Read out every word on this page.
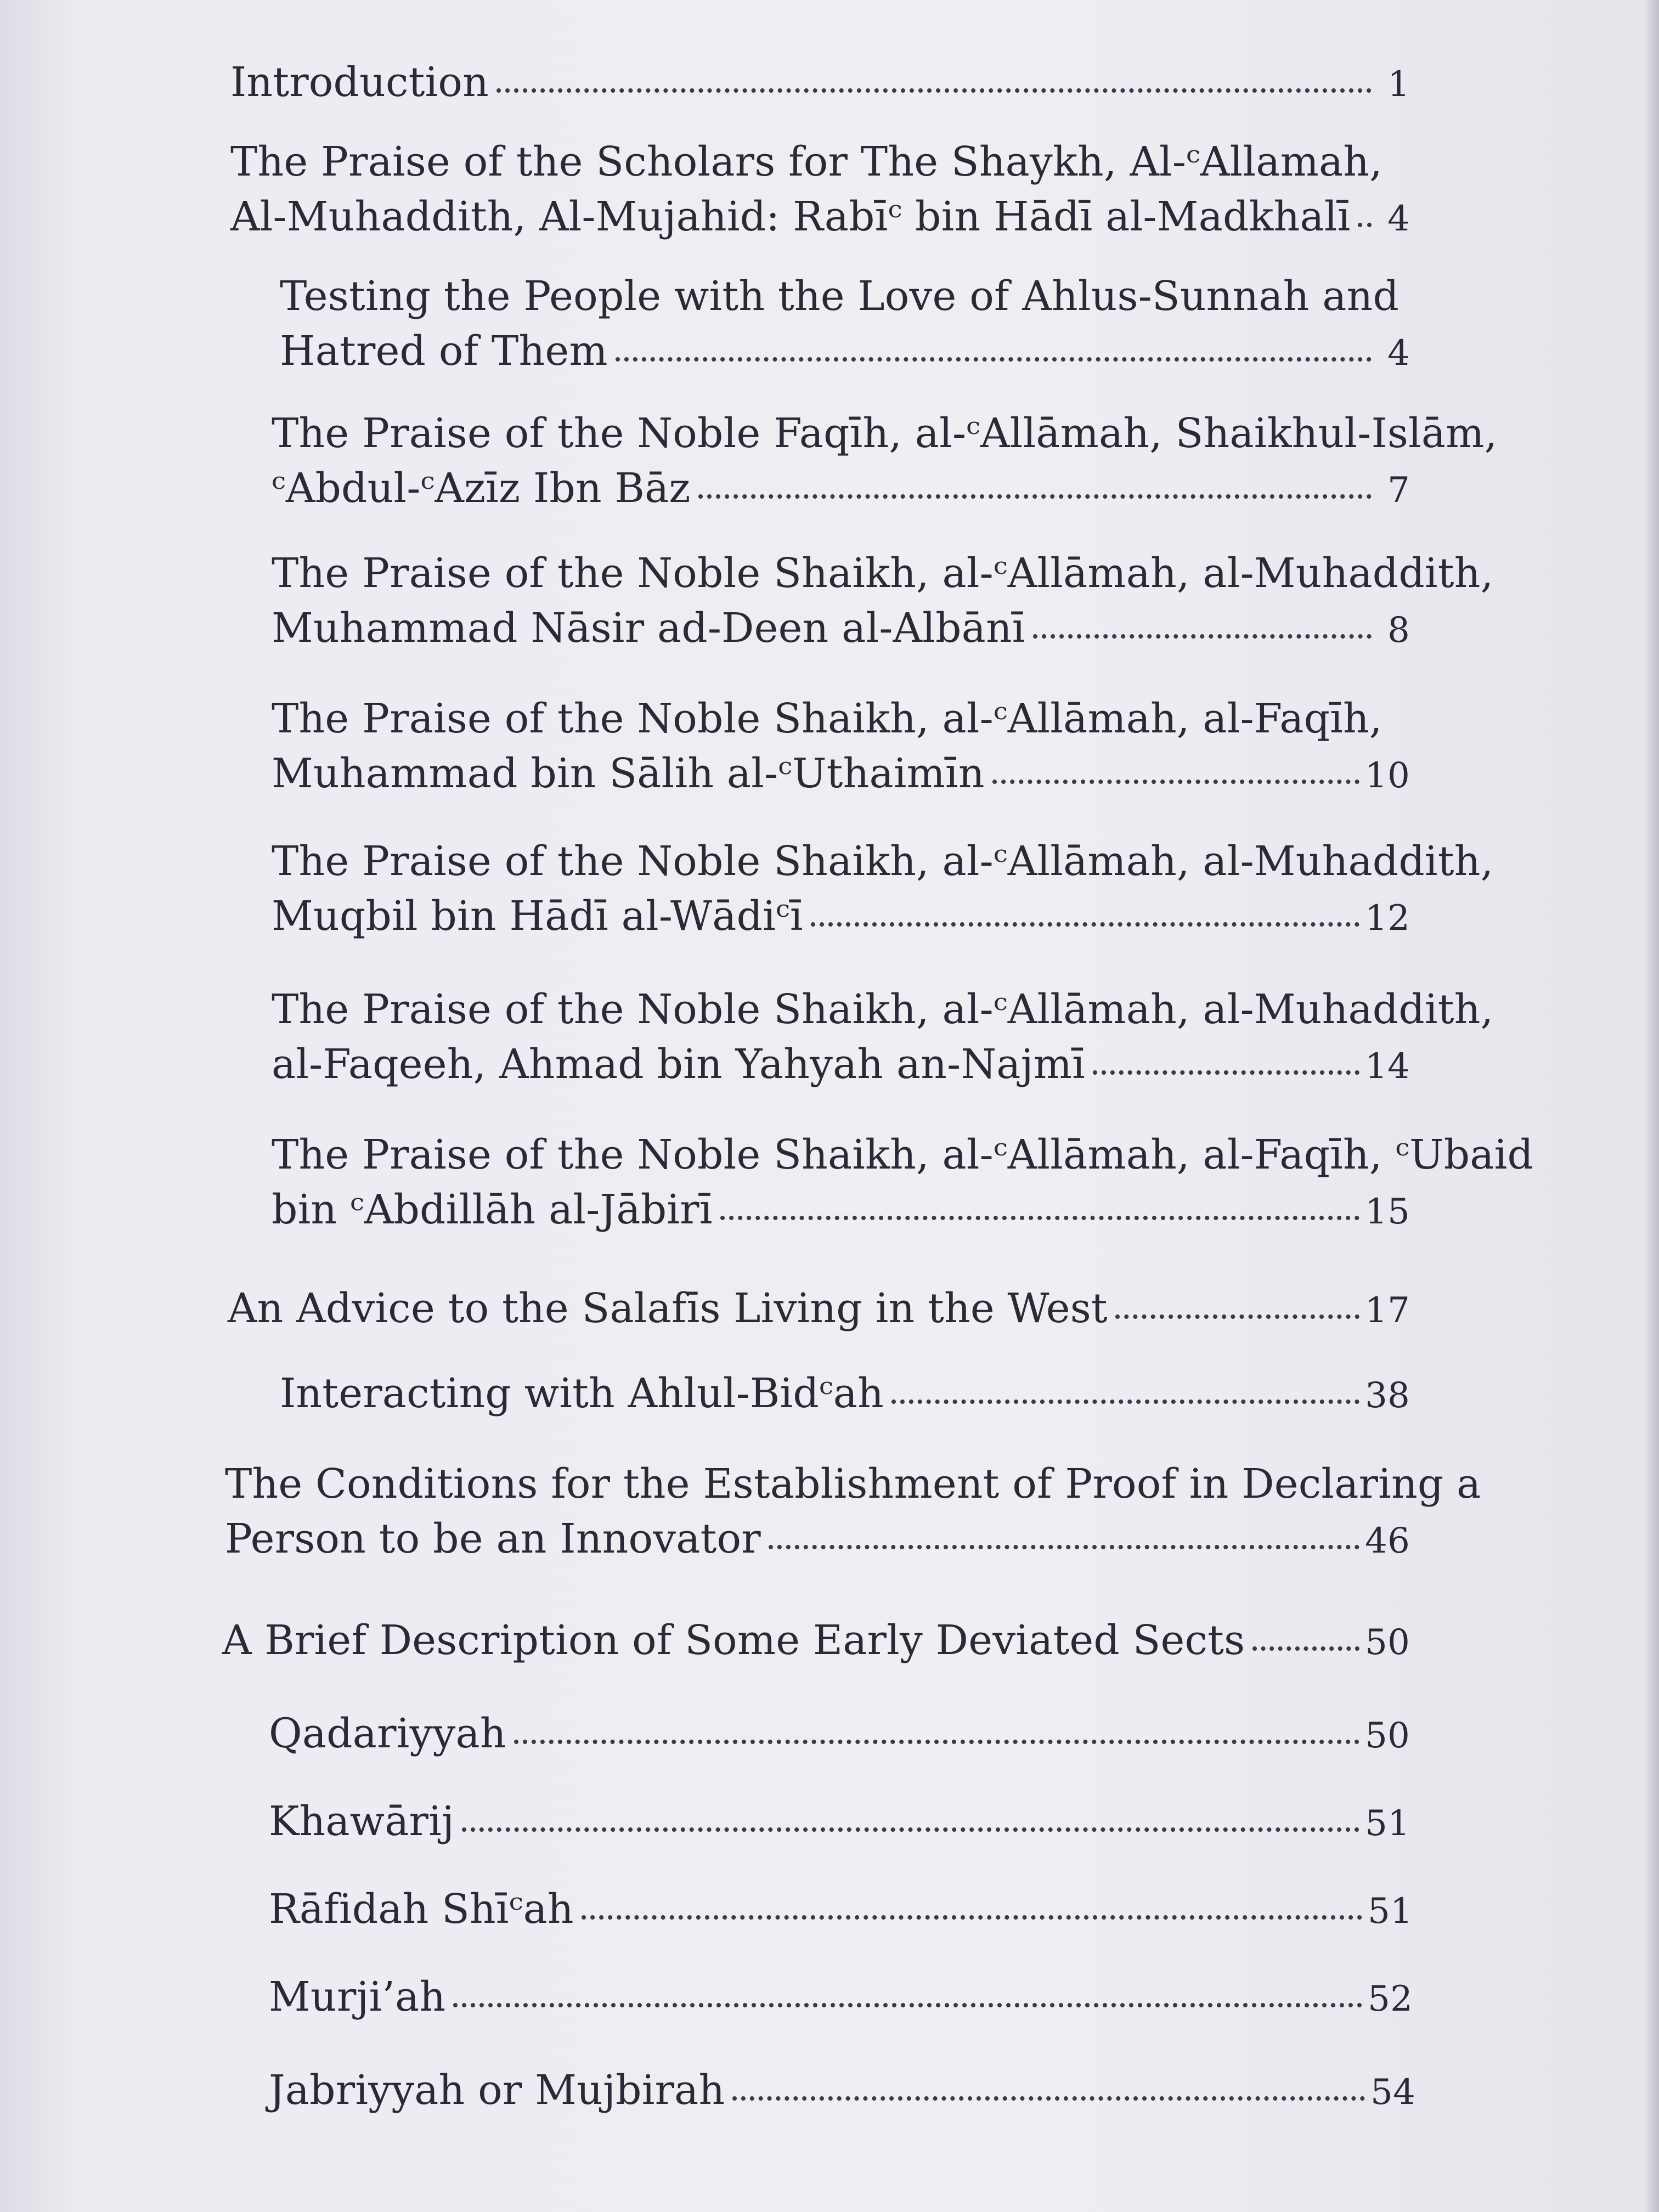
Introduction	1
The Praise of the Scholars for The Shaykh, Al-ᶜAllamah,
Al-Muhaddith, Al-Mujahid: Rabīᶜ bin Hādī al-Madkhalī 4
Testing the People with the Love of Ahlus-Sunnah and
Hatred of Them	4
The Praise of the Noble Faqīh, al-ᶜAllāmah, Shaikhul-Islām,
ᶜAbdul-ᶜAzīz Ibn Bāz	7
The Praise of the Noble Shaikh, al-ᶜAllāmah, al-Muhaddith,
Muhammad Nāsir ad-Deen al-Albānī	8
The Praise of the Noble Shaikh, al-ᶜAllāmah, al-Faqīh,
Muhammad bin Sālih al-ᶜUthaimīn	10
The Praise of the Noble Shaikh, al-ᶜAllāmah, al-Muhaddith,
Muqbil bin Hādī al-Wādiᶜī	12
The Praise of the Noble Shaikh, al-ᶜAllāmah, al-Muhaddith,
al-Faqeeh, Ahmad bin Yahyah an-Najmī	14
The Praise of the Noble Shaikh, al-ᶜAllāmah, al-Faqīh, ᶜUbaid
bin ᶜAbdillāh al-Jābirī	15
An Advice to the Salafīs Living in the West	17
Interacting with Ahlul-Bidᶜah	38
The Conditions for the Establishment of Proof in Declaring a
Person to be an Innovator	46
A Brief Description of Some Early Deviated Sects	50
Qadariyyah	50
Khawārij	51
Rāfidah Shīᶜah	51
Murji’ah	52
Jabriyyah or Mujbirah	54
